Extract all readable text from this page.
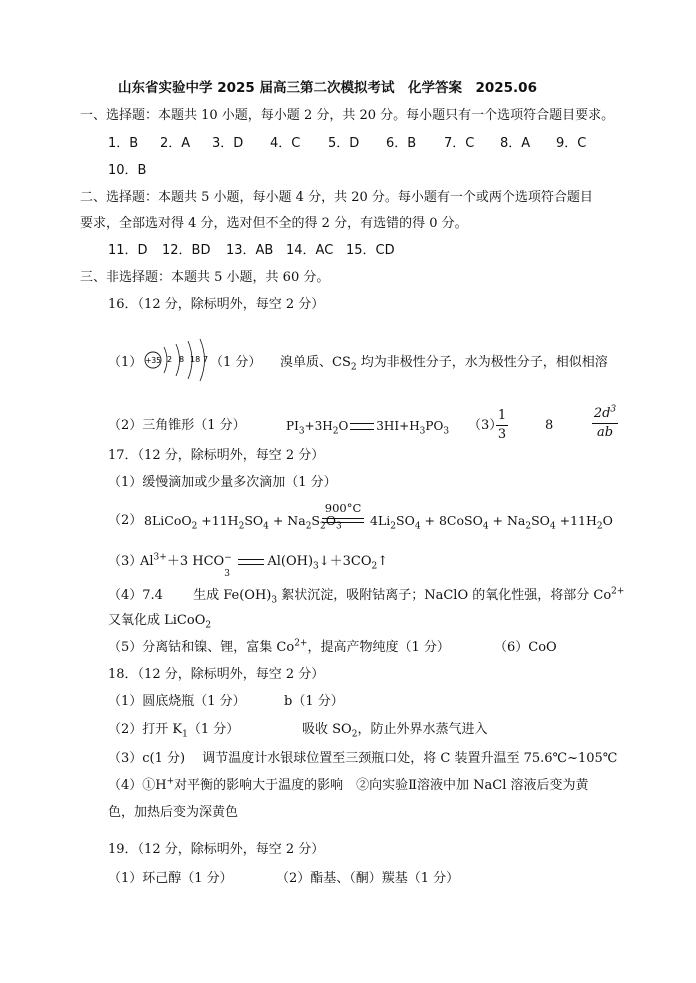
山东省实验中学 2025 届高三第二次模拟考试　化学答案　2025.06
一、选择题：本题共 10 小题，每小题 2 分，共 20 分。每小题只有一个选项符合题目要求。
1．B 2．A 3．D 4．C 5．D 6．B 7．C 8．A 9．C
10．B
二、选择题：本题共 5 小题，每小题 4 分，共 20 分。每小题有一个或两个选项符合题目
要求，全部选对得 4 分，选对但不全的得 2 分，有选错的得 0 分。
11．D 12．BD 13．AB 14．AC 15．CD
三、非选择题：本题共 5 小题，共 60 分。
16．（12 分，除标明外，每空 2 分）
（1） +35 2 8 18 7 （1 分） 溴单质、$CS_2$ 均为非极性分子，水为极性分子，相似相溶
（2）三角锥形（1 分）	$PI_3+3H_2O$ $3HI+H_3PO_3$ （3）
1
3
8
$2d^3$
ab
17．（12 分，除标明外，每空 2 分）
（1）缓慢滴加或少量多次滴加（1 分）
（2） 8LiCoO$_2$ $+11H_2SO_4 + Na_2S_2O_3$
900°C
$4Li_2SO_4$ + 8CoSO$_4$ + $Na_2SO_4 +11H_2O$
（3）
$Al^{3+}+3$ HCO −
3
$Al(OH)_3↓+3CO_2↑$
（4）7.4　　 生成 $Fe(OH)_3$ 絮状沉淀，吸附钴离子；NaClO 的氧化性强，将部分 $Co^{2+}$
又氧化成 LiCoO$_2$
（5）分离钴和镍、锂，富集 $Co^{2+}$，提高产物纯度（1 分）	（6）CoO
18．（12 分，除标明外，每空 2 分）
（1）圆底烧瓶（1 分）	b（1 分）
（2）打开 $K_1(1$ 分）	吸收 $SO_2$，防止外界水蒸气进入
（3）c(1 分)　 调节温度计水银球位置至三颈瓶口处，将 C 装置升温至 75.6℃~105℃
（4）①H+对平衡的影响大于温度的影响　②向实验Ⅱ溶液中加 NaCl 溶液后变为黄
色，加热后变为深黄色
19．（12 分，除标明外，每空 2 分）
（1）环己醇（1 分）	（2）酯基、（酮）羰基（1 分）
